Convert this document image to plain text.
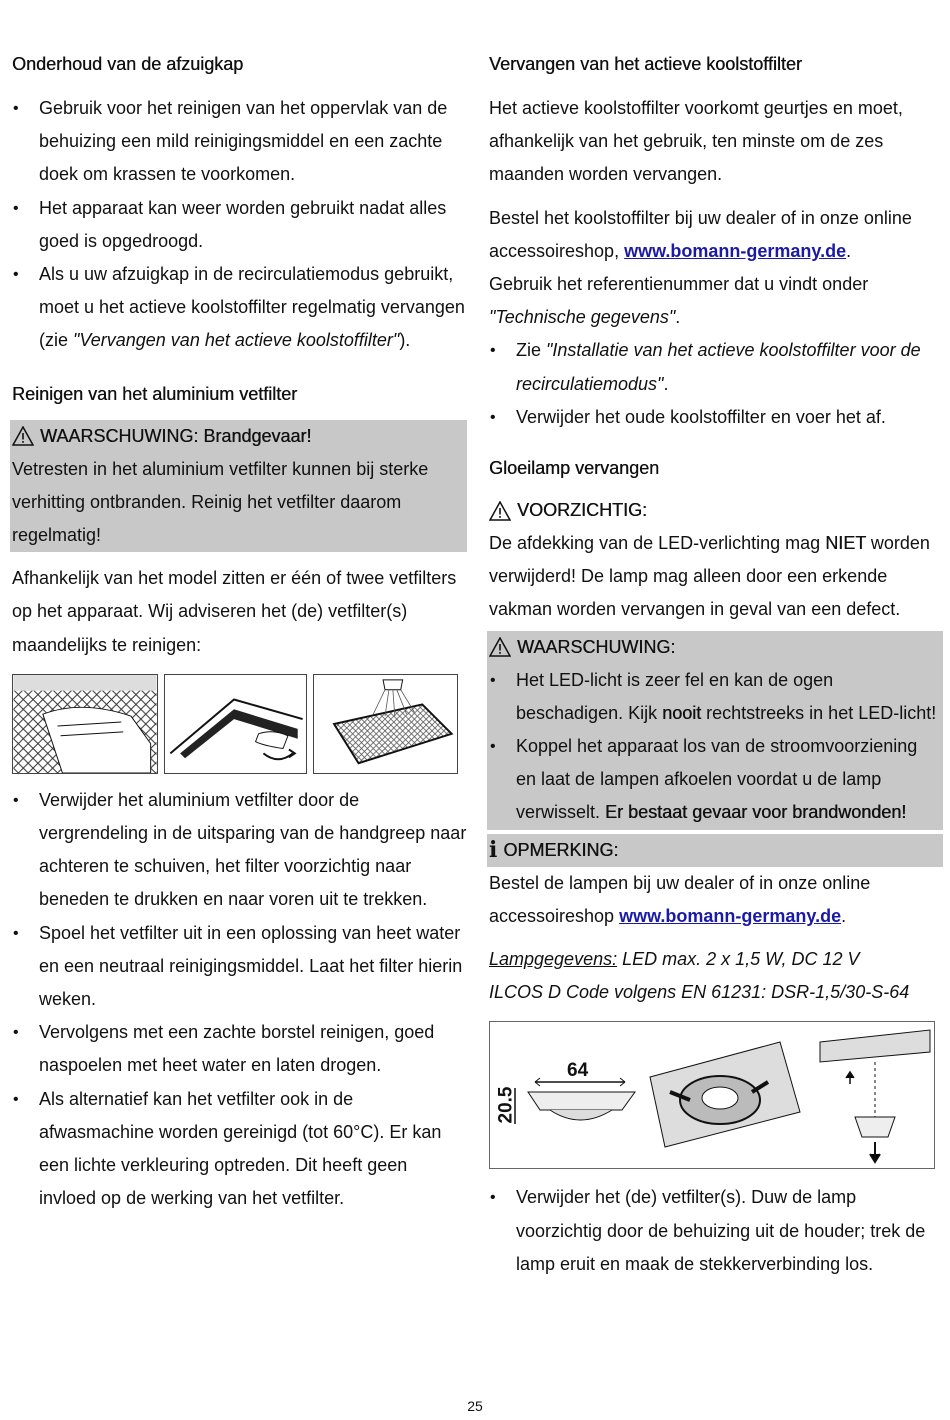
Onderhoud van de afzuigkap
• Gebruik voor het reinigen van het oppervlak van de behuizing een mild reinigingsmiddel en een zachte doek om krassen te voorkomen.
• Het apparaat kan weer worden gebruikt nadat alles goed is opgedroogd.
• Als u uw afzuigkap in de recirculatiemodus gebruikt, moet u het actieve koolstoffilter regelmatig vervangen (zie "Vervangen van het actieve koolstoffilter").
Reinigen van het aluminium vetfilter
WAARSCHUWING: Brandgevaar!

Vetresten in het aluminium vetfilter kunnen bij sterke verhitting ontbranden. Reinig het vetfilter daarom regelmatig!

Afhankelijk van het model zitten er één of twee vetfilters op het apparaat. Wij adviseren het (de) vetfilter(s) maandelijks te reinigen:

• Verwijder het aluminium vetfilter door de vergrendeling in de uitsparing van de handgreep naar achteren te schuiven, het filter voorzichtig naar beneden te drukken en naar voren uit te trekken.
• Spoel het vetfilter uit in een oplossing van heet water en een neutraal reinigingsmiddel. Laat het filter hierin weken.
• Vervolgens met een zachte borstel reinigen, goed naspoelen met heet water en laten drogen.
• Als alternatief kan het vetfilter ook in de afwasmachine worden gereinigd (tot 60°C). Er kan een lichte verkleuring optreden. Dit heeft geen invloed op de werking van het vetfilter.
Vervangen van het actieve koolstoffilter

Het actieve koolstoffilter voorkomt geurtjes en moet, afhankelijk van het gebruik, ten minste om de zes maanden worden vervangen.

Bestel het koolstoffilter bij uw dealer of in onze online accessoireshop, www.bomann-germany.de.

Gebruik het referentienummer dat u vindt onder "Technische gegevens".

• Zie "Installatie van het actieve koolstoffilter voor de recirculatiemodus".
• Verwijder het oude koolstoffilter en voer het af.
Gloeilamp vervangen
VOORZICHTIG:

De afdekking van de LED-verlichting mag NIET worden verwijderd! De lamp mag alleen door een erkende vakman worden vervangen in geval van een defect.

WAARSCHUWING:
• Het LED-licht is zeer fel en kan de ogen beschadigen. Kijk nooit rechtstreeks in het LED-licht!
• Koppel het apparaat los van de stroomvoorziening en laat de lampen afkoelen voordat u de lamp verwisselt. Er bestaat gevaar voor brandwonden!
i OPMERKING:

Bestel de lampen bij uw dealer of in onze online accessoireshop www.bomann-germany.de.

Lampgegevens: LED max. 2 x 1,5 W, DC 12 V

ILCOS D Code volgens EN 61231: DSR-1,5/30-S-64

64
20.5
• Verwijder het (de) vetfilter(s). Duw de lamp voorzichtig door de behuizing uit de houder; trek de lamp eruit en maak de stekkerverbinding los.
25
